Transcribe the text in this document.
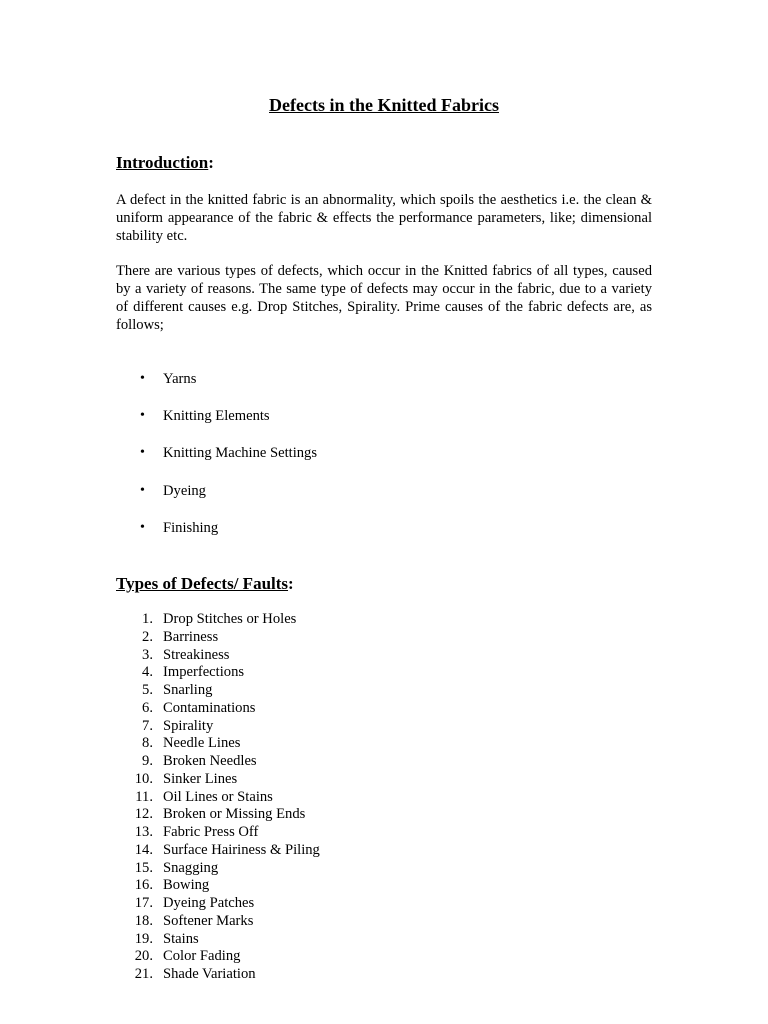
Defects in the Knitted Fabrics
Introduction:

A defect in the knitted fabric is an abnormality, which spoils the aesthetics i.e. the clean & uniform appearance of the fabric & effects the performance parameters, like; dimensional stability etc.

There are various types of defects, which occur in the Knitted fabrics of all types, caused by a variety of reasons. The same type of defects may occur in the fabric, due to a variety of different causes e.g. Drop Stitches, Spirality. Prime causes of the fabric defects are, as follows;

• Yarns
• Knitting Elements
• Knitting Machine Settings
• Dyeing
• Finishing
Types of Defects/ Faults:
1. Drop Stitches or Holes
2. Barriness
3. Streakiness
4. Imperfections
5. Snarling
6. Contaminations
7. Spirality
8. Needle Lines
9. Broken Needles
10. Sinker Lines
11. Oil Lines or Stains
12. Broken or Missing Ends
13. Fabric Press Off
14. Surface Hairiness & Piling
15. Snagging
16. Bowing
17. Dyeing Patches
18. Softener Marks
19. Stains
20. Color Fading
21. Shade Variation
